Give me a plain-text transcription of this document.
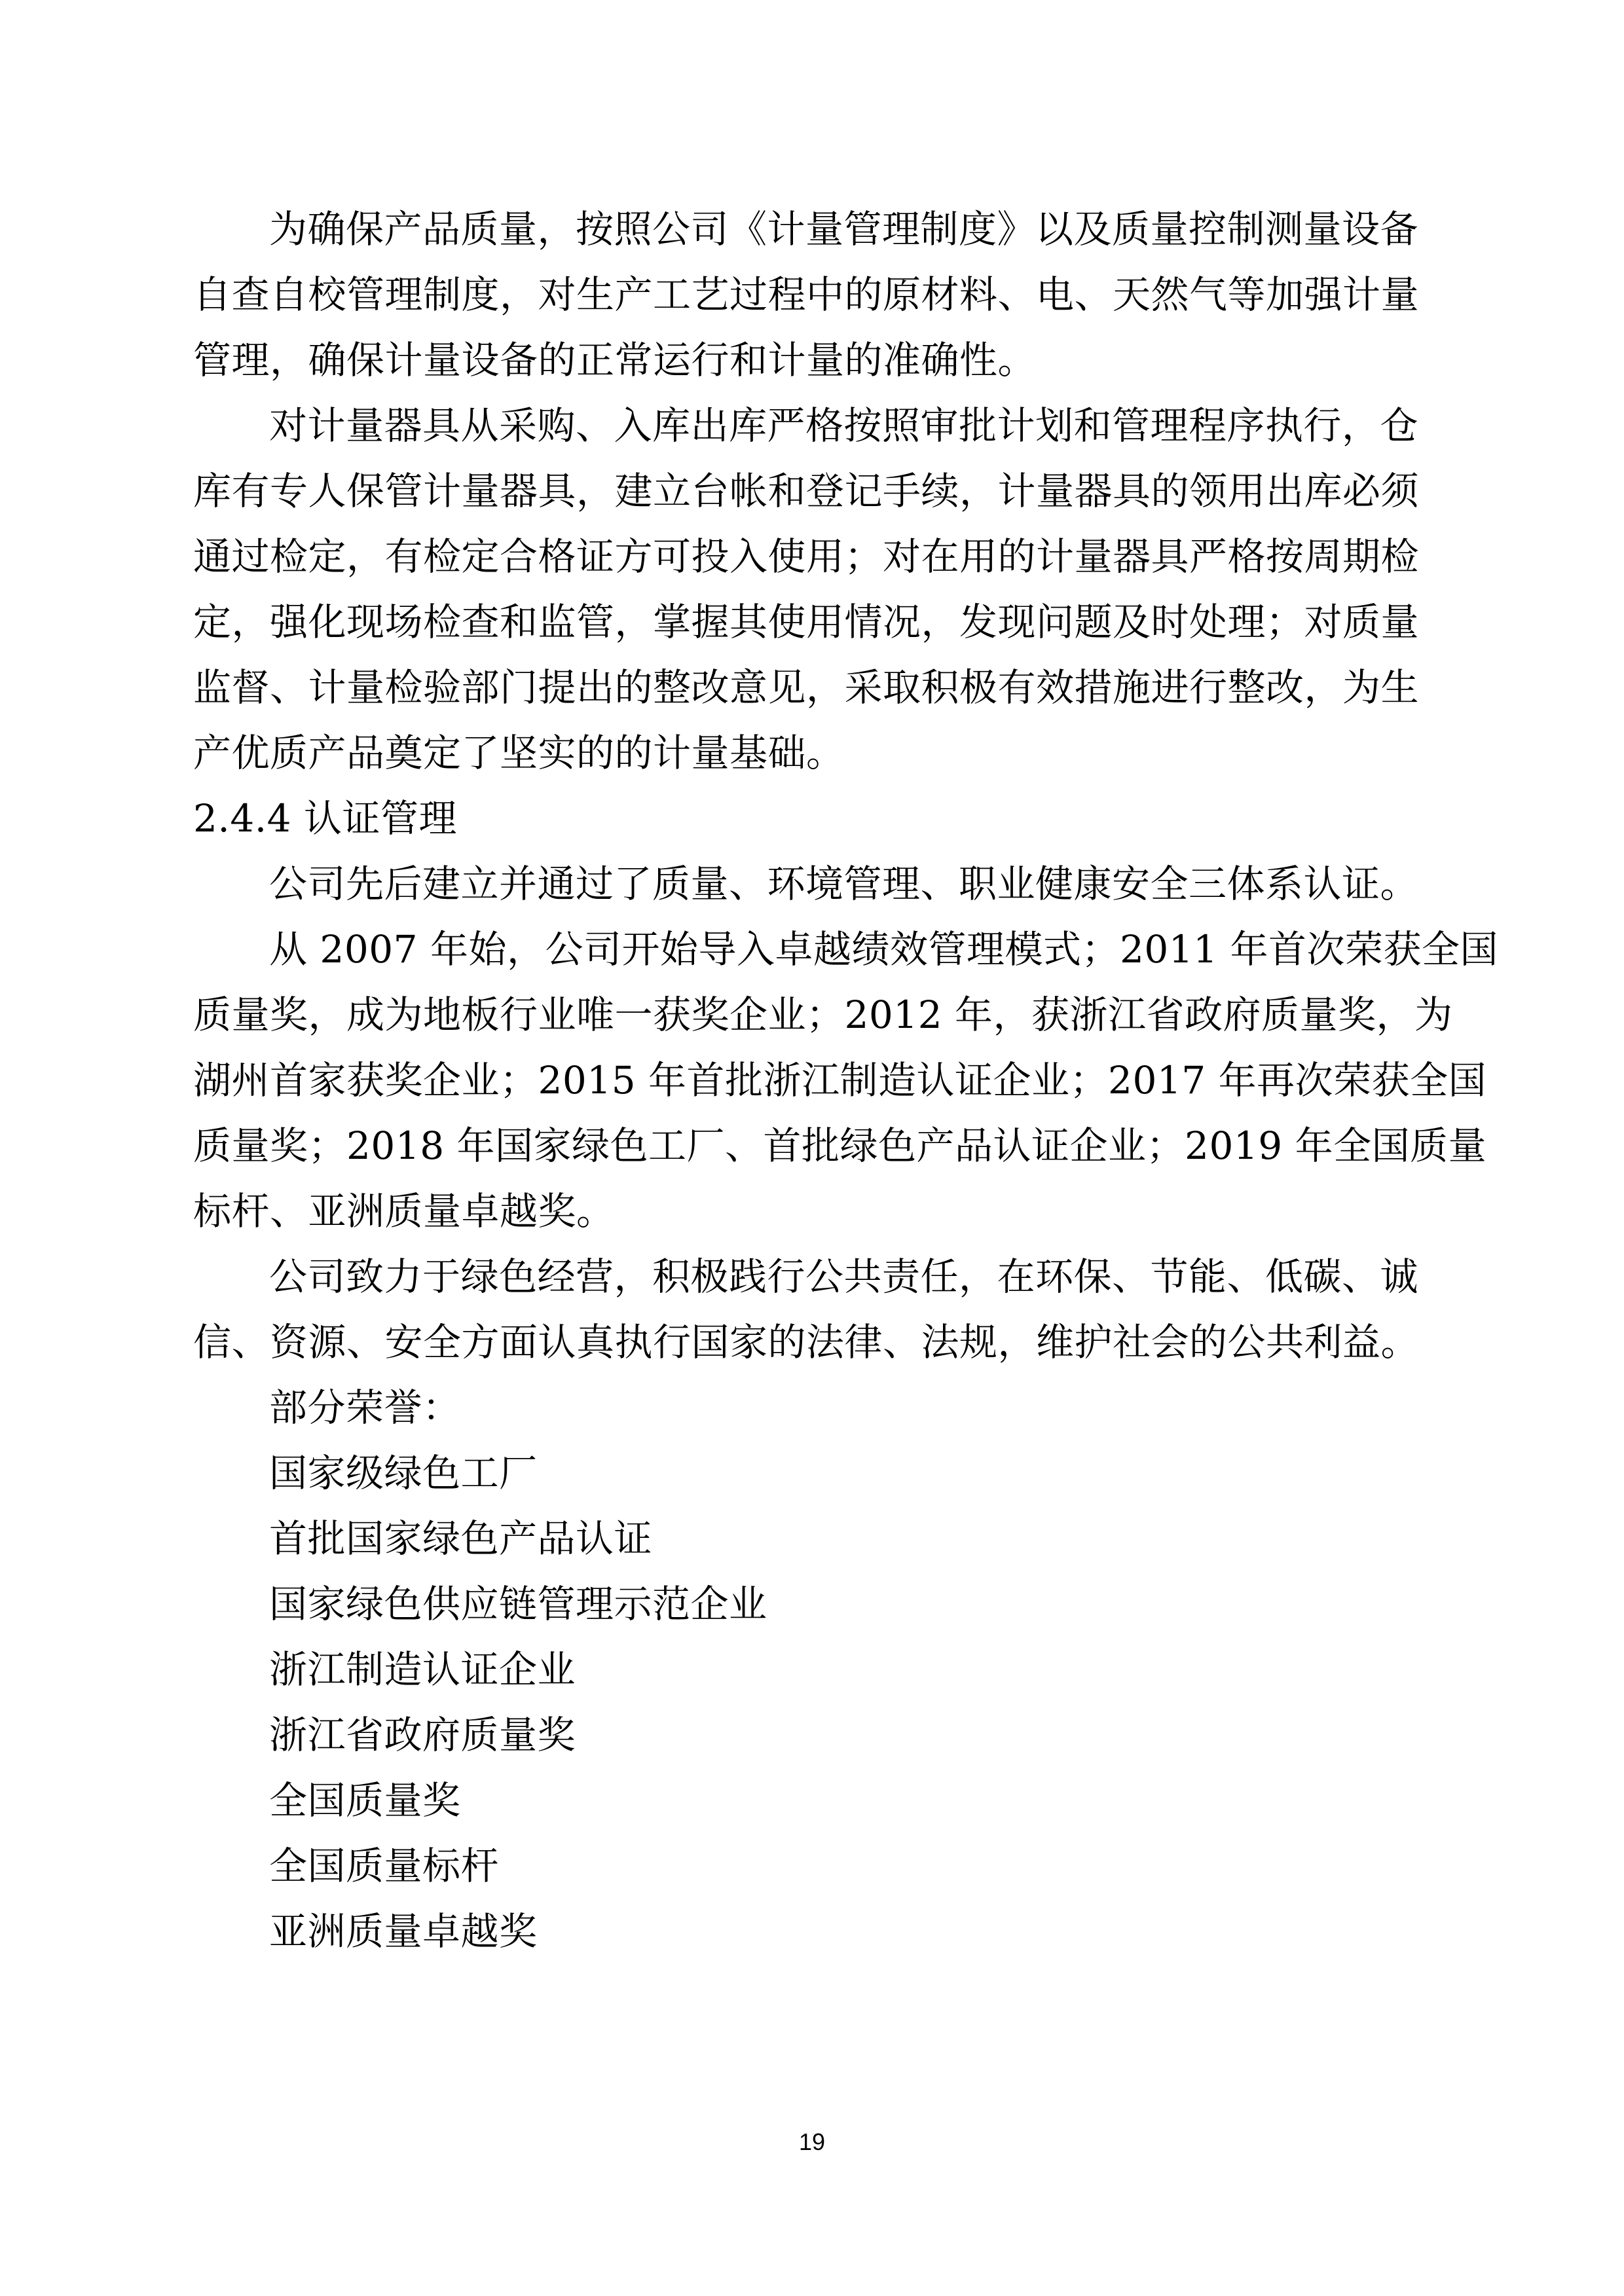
为确保产品质量，按照公司《计量管理制度》以及质量控制测量设备
自查自校管理制度，对生产工艺过程中的原材料、电、天然气等加强计量
管理，确保计量设备的正常运行和计量的准确性。
对计量器具从采购、入库出库严格按照审批计划和管理程序执行，仓
库有专人保管计量器具，建立台帐和登记手续，计量器具的领用出库必须
通过检定，有检定合格证方可投入使用；对在用的计量器具严格按周期检
定，强化现场检查和监管，掌握其使用情况，发现问题及时处理；对质量
监督、计量检验部门提出的整改意见，采取积极有效措施进行整改，为生
产优质产品奠定了坚实的的计量基础。
2.4.4 认证管理
公司先后建立并通过了质量、环境管理、职业健康安全三体系认证。
从 2007 年始，公司开始导入卓越绩效管理模式；2011 年首次荣获全国
质量奖，成为地板行业唯一获奖企业；2012 年，获浙江省政府质量奖，为
湖州首家获奖企业；2015 年首批浙江制造认证企业；2017 年再次荣获全国
质量奖；2018 年国家绿色工厂、首批绿色产品认证企业；2019 年全国质量
标杆、亚洲质量卓越奖。
公司致力于绿色经营，积极践行公共责任，在环保、节能、低碳、诚
信、资源、安全方面认真执行国家的法律、法规，维护社会的公共利益。
部分荣誉：
国家级绿色工厂
首批国家绿色产品认证
国家绿色供应链管理示范企业
浙江制造认证企业
浙江省政府质量奖
全国质量奖
全国质量标杆
亚洲质量卓越奖
19
